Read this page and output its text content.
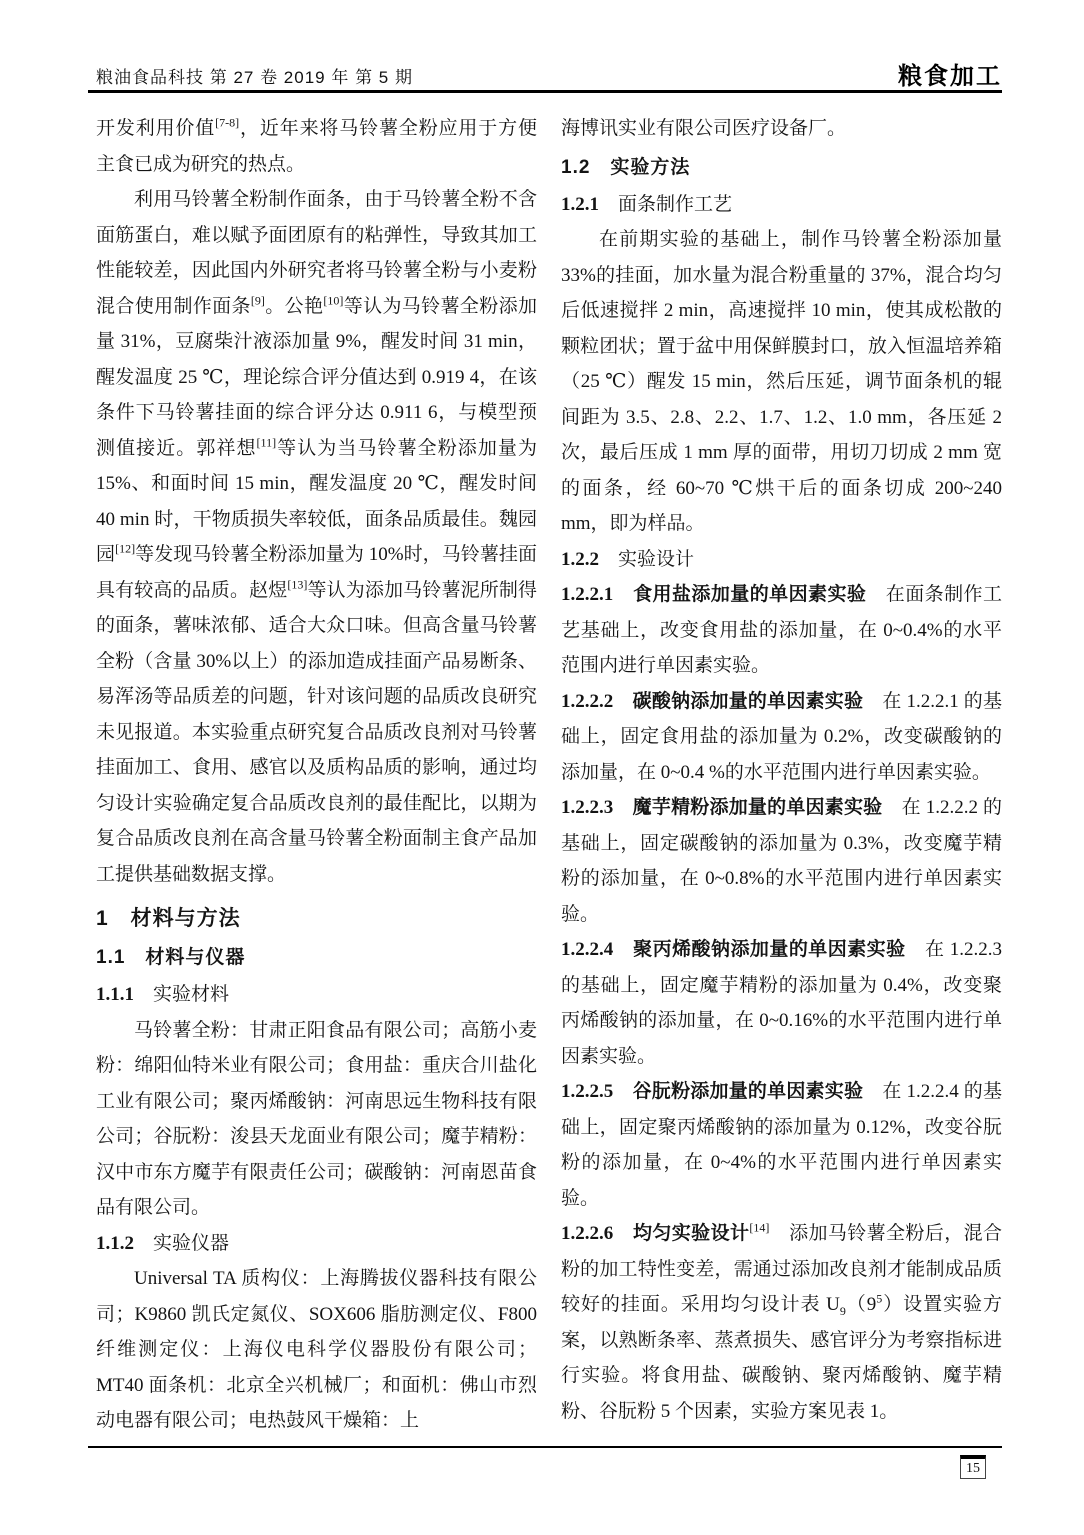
粮油食品科技 第 27 卷 2019 年 第 5 期	粮食加工
开发利用价值[7-8]，近年来将马铃薯全粉应用于方便主食已成为研究的热点。
利用马铃薯全粉制作面条，由于马铃薯全粉不含面筋蛋白，难以赋予面团原有的粘弹性，导致其加工性能较差，因此国内外研究者将马铃薯全粉与小麦粉混合使用制作面条[9]。公艳[10]等认为马铃薯全粉添加量 31%，豆腐柴汁液添加量 9%，醒发时间 31 min，醒发温度 25 ℃，理论综合评分值达到 0.919 4，在该条件下马铃薯挂面的综合评分达 0.911 6，与模型预测值接近。郭祥想[11]等认为当马铃薯全粉添加量为 15%、和面时间 15 min，醒发温度 20 ℃，醒发时间 40 min 时，干物质损失率较低，面条品质最佳。魏园园[12]等发现马铃薯全粉添加量为 10%时，马铃薯挂面具有较高的品质。赵煜[13]等认为添加马铃薯泥所制得的面条，薯味浓郁、适合大众口味。但高含量马铃薯全粉（含量 30%以上）的添加造成挂面产品易断条、易浑汤等品质差的问题，针对该问题的品质改良研究未见报道。本实验重点研究复合品质改良剂对马铃薯挂面加工、食用、感官以及质构品质的影响，通过均匀设计实验确定复合品质改良剂的最佳配比，以期为复合品质改良剂在高含量马铃薯全粉面制主食产品加工提供基础数据支撑。
1　材料与方法
1.1　材料与仪器
1.1.1　实验材料
马铃薯全粉：甘肃正阳食品有限公司；高筋小麦粉：绵阳仙特米业有限公司；食用盐：重庆合川盐化工业有限公司；聚丙烯酸钠：河南思远生物科技有限公司；谷朊粉：浚县天龙面业有限公司；魔芋精粉：汉中市东方魔芋有限责任公司；碳酸钠：河南恩苗食品有限公司。
1.1.2　实验仪器
Universal TA 质构仪：上海腾拔仪器科技有限公司；K9860 凯氏定氮仪、SOX606 脂肪测定仪、F800 纤维测定仪：上海仪电科学仪器股份有限公司；MT40 面条机：北京全兴机械厂；和面机：佛山市烈动电器有限公司；电热鼓风干燥箱：上
海博讯实业有限公司医疗设备厂。
1.2　实验方法
1.2.1　面条制作工艺
在前期实验的基础上，制作马铃薯全粉添加量 33%的挂面，加水量为混合粉重量的 37%，混合均匀后低速搅拌 2 min，高速搅拌 10 min，使其成松散的颗粒团状；置于盆中用保鲜膜封口，放入恒温培养箱（25 ℃）醒发 15 min，然后压延，调节面条机的辊间距为 3.5、2.8、2.2、1.7、1.2、1.0 mm，各压延 2 次，最后压成 1 mm 厚的面带，用切刀切成 2 mm 宽的面条，经 60~70 ℃烘干后的面条切成 200~240 mm，即为样品。
1.2.2　实验设计
1.2.2.1　 食用盐添加量的单因素实验　在面条制作工艺基础上，改变食用盐的添加量，在 0~0.4%的水平范围内进行单因素实验。
1.2.2.2　 碳酸钠添加量的单因素实验　在 1.2.2.1 的基础上，固定食用盐的添加量为 0.2%，改变碳酸钠的添加量，在 0~0.4 %的水平范围内进行单因素实验。
1.2.2.3　 魔芋精粉添加量的单因素实验　在 1.2.2.2 的基础上，固定碳酸钠的添加量为 0.3%，改变魔芋精粉的添加量，在 0~0.8%的水平范围内进行单因素实验。
1.2.2.4　 聚丙烯酸钠添加量的单因素实验　在 1.2.2.3 的基础上，固定魔芋精粉的添加量为 0.4%，改变聚丙烯酸钠的添加量，在 0~0.16%的水平范围内进行单因素实验。
1.2.2.5　 谷朊粉添加量的单因素实验　在 1.2.2.4 的基础上，固定聚丙烯酸钠的添加量为 0.12%，改变谷朊粉的添加量，在 0~4%的水平范围内进行单因素实验。
1.2.2.6　 均匀实验设计[14]　添加马铃薯全粉后，混合粉的加工特性变差，需通过添加改良剂才能制成品质较好的挂面。采用均匀设计表 $U_9(9^5)$设置实验方案，以熟断条率、蒸煮损失、感官评分为考察指标进行实验。将食用盐、碳酸钠、聚丙烯酸钠、魔芋精粉、谷朊粉 5 个因素，实验方案见表 1。
15
